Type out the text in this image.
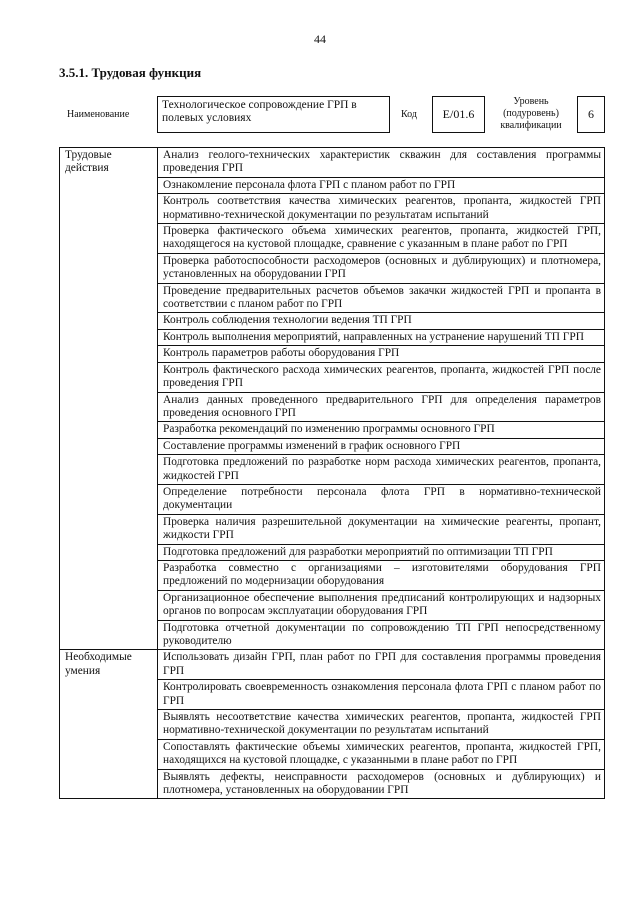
44
3.5.1. Трудовая функция
Наименование
Технологическое сопровождение ГРП в полевых условиях	Код E/01.6
Уровень
(подуровень)
квалификации
6
Трудовые действия	Анализ геолого-технических характеристик скважин для составления программы проведения ГРП
	Ознакомление персонала флота ГРП с планом работ по ГРП
	Контроль соответствия качества химических реагентов, пропанта, жидкостей ГРП нормативно-технической документации по результатам испытаний
	Проверка фактического объема химических реагентов, пропанта, жидкостей ГРП, находящегося на кустовой площадке, сравнение с указанным в плане работ по ГРП
	Проверка работоспособности расходомеров (основных и дублирующих) и плотномера, установленных на оборудовании ГРП
	Проведение предварительных расчетов объемов закачки жидкостей ГРП и пропанта в соответствии с планом работ по ГРП
	Контроль соблюдения технологии ведения ТП ГРП
	Контроль выполнения мероприятий, направленных на устранение нарушений ТП ГРП
	Контроль параметров работы оборудования ГРП
	Контроль фактического расхода химических реагентов, пропанта, жидкостей ГРП после проведения ГРП
	Анализ данных проведенного предварительного ГРП для определения параметров проведения основного ГРП
	Разработка рекомендаций по изменению программы основного ГРП
	Составление программы изменений в график основного ГРП
	Подготовка предложений по разработке норм расхода химических реагентов, пропанта, жидкостей ГРП
	Определение потребности персонала флота ГРП в нормативно-технической документации
	Проверка наличия разрешительной документации на химические реагенты, пропант, жидкости ГРП
	Подготовка предложений для разработки мероприятий по оптимизации ТП ГРП
	Разработка совместно с организациями – изготовителями оборудования ГРП предложений по модернизации оборудования
	Организационное обеспечение выполнения предписаний контролирующих и надзорных органов по вопросам эксплуатации оборудования ГРП
	Подготовка отчетной документации по сопровождению ТП ГРП непосредственному руководителю
Необходимые умения	Использовать дизайн ГРП, план работ по ГРП для составления программы проведения ГРП
	Контролировать своевременность ознакомления персонала флота ГРП с планом работ по ГРП
	Выявлять несоответствие качества химических реагентов, пропанта, жидкостей ГРП нормативно-технической документации по результатам испытаний
	Сопоставлять фактические объемы химических реагентов, пропанта, жидкостей ГРП, находящихся на кустовой площадке, с указанными в плане работ по ГРП
	Выявлять дефекты, неисправности расходомеров (основных и дублирующих) и плотномера, установленных на оборудовании ГРП
